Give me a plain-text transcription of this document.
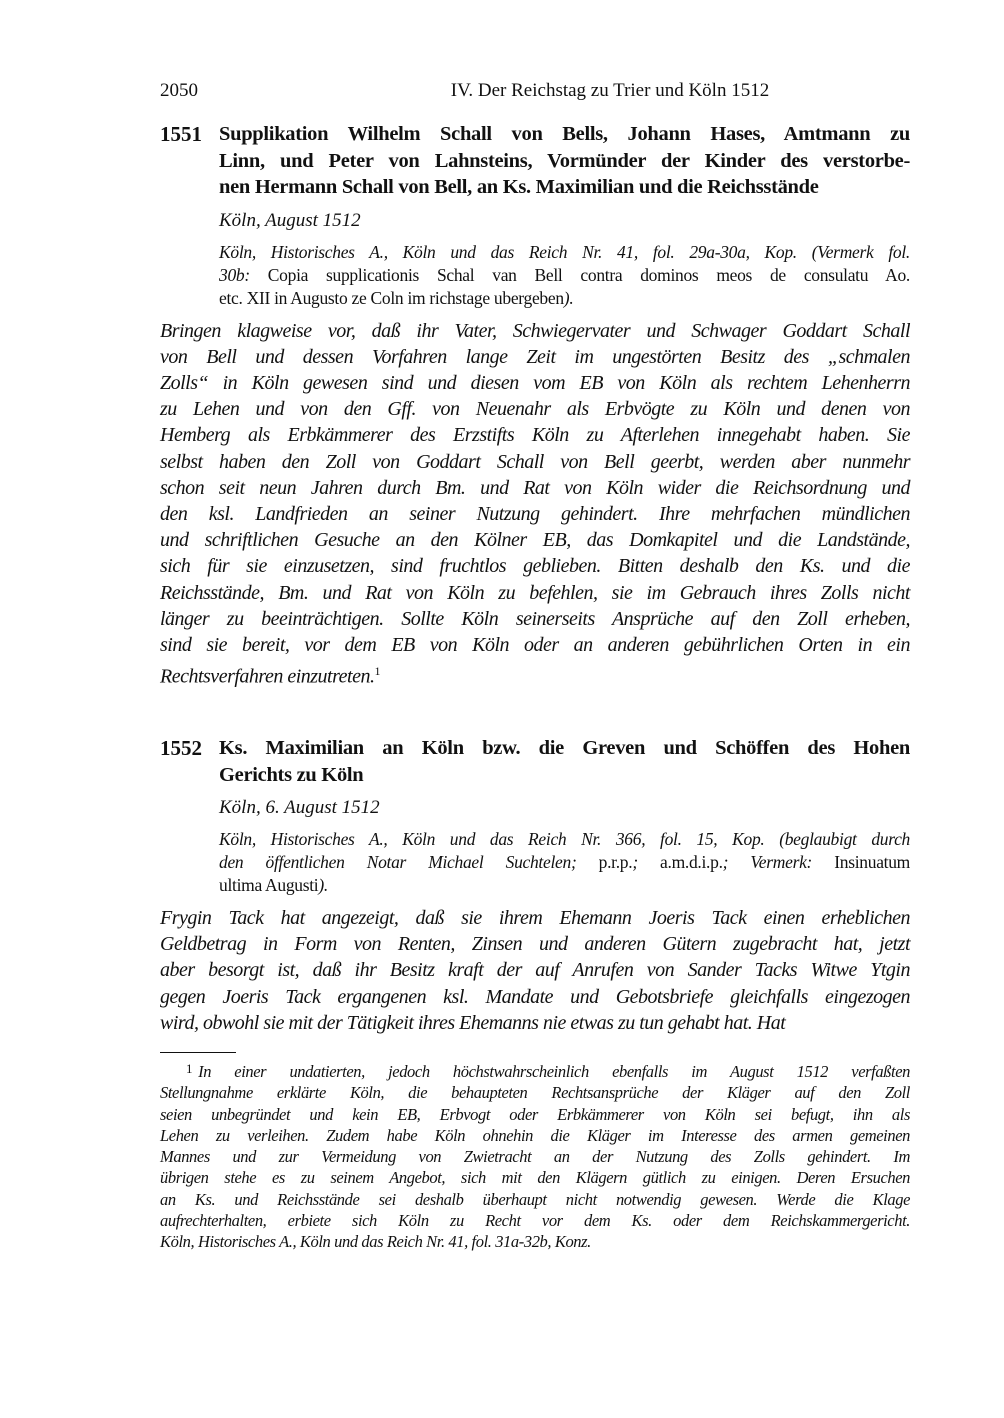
2050	IV. Der Reichstag zu Trier und Köln 1512
1551 Supplikation Wilhelm Schall von Bells, Johann Hases, Amtmann zu
Linn, und Peter von Lahnsteins, Vormünder der Kinder des verstorbe-
nen Hermann Schall von Bell, an Ks. Maximilian und die Reichsstände
Köln, August 1512
Köln, Historisches A., Köln und das Reich Nr. 41, fol. 29a-30a, Kop. (Vermerk fol.
30b: Copia supplicationis Schal van Bell contra dominos meos de consulatu Ao.
etc. XII in Augusto ze Coln im richstage ubergeben).
Bringen klagweise vor, daß ihr Vater, Schwiegervater und Schwager Goddart Schall
von Bell und dessen Vorfahren lange Zeit im ungestörten Besitz des „schmalen
Zolls“ in Köln gewesen sind und diesen vom EB von Köln als rechtem Lehenherrn
zu Lehen und von den Gff. von Neuenahr als Erbvögte zu Köln und denen von
Hemberg als Erbkämmerer des Erzstifts Köln zu Afterlehen innegehabt haben. Sie
selbst haben den Zoll von Goddart Schall von Bell geerbt, werden aber nunmehr
schon seit neun Jahren durch Bm. und Rat von Köln wider die Reichsordnung und
den ksl. Landfrieden an seiner Nutzung gehindert. Ihre mehrfachen mündlichen
und schriftlichen Gesuche an den Kölner EB, das Domkapitel und die Landstände,
sich für sie einzusetzen, sind fruchtlos geblieben. Bitten deshalb den Ks. und die
Reichsstände, Bm. und Rat von Köln zu befehlen, sie im Gebrauch ihres Zolls nicht
länger zu beeinträchtigen. Sollte Köln seinerseits Ansprüche auf den Zoll erheben,
sind sie bereit, vor dem EB von Köln oder an anderen gebührlichen Orten in ein
Rechtsverfahren einzutreten.$^1$
1552 Ks. Maximilian an Köln bzw. die Greven und Schöffen des Hohen
Gerichts zu Köln
Köln, 6. August 1512
Köln, Historisches A., Köln und das Reich Nr. 366, fol. 15, Kop. (beglaubigt durch
den öffentlichen Notar Michael Suchtelen; p.r.p.; a.m.d.i.p.; Vermerk: Insinuatum
ultima Augusti).
Frygin Tack hat angezeigt, daß sie ihrem Ehemann Joeris Tack einen erheblichen
Geldbetrag in Form von Renten, Zinsen und anderen Gütern zugebracht hat, jetzt
aber besorgt ist, daß ihr Besitz kraft der auf Anrufen von Sander Tacks Witwe Ytgin
gegen Joeris Tack ergangenen ksl. Mandate und Gebotsbriefe gleichfalls eingezogen
wird, obwohl sie mit der Tätigkeit ihres Ehemanns nie etwas zu tun gehabt hat. Hat
$^1$ In einer undatierten, jedoch höchstwahrscheinlich ebenfalls im August 1512 verfaßten
Stellungnahme erklärte Köln, die behaupteten Rechtsansprüche der Kläger auf den Zoll
seien unbegründet und kein EB, Erbvogt oder Erbkämmerer von Köln sei befugt, ihn als
Lehen zu verleihen. Zudem habe Köln ohnehin die Kläger im Interesse des armen gemeinen
Mannes und zur Vermeidung von Zwietracht an der Nutzung des Zolls gehindert. Im
übrigen stehe es zu seinem Angebot, sich mit den Klägern gütlich zu einigen. Deren Ersuchen
an Ks. und Reichsstände sei deshalb überhaupt nicht notwendig gewesen. Werde die Klage
aufrechterhalten, erbiete sich Köln zu Recht vor dem Ks. oder dem Reichskammergericht.
Köln, Historisches A., Köln und das Reich Nr. 41, fol. 31a-32b, Konz.
